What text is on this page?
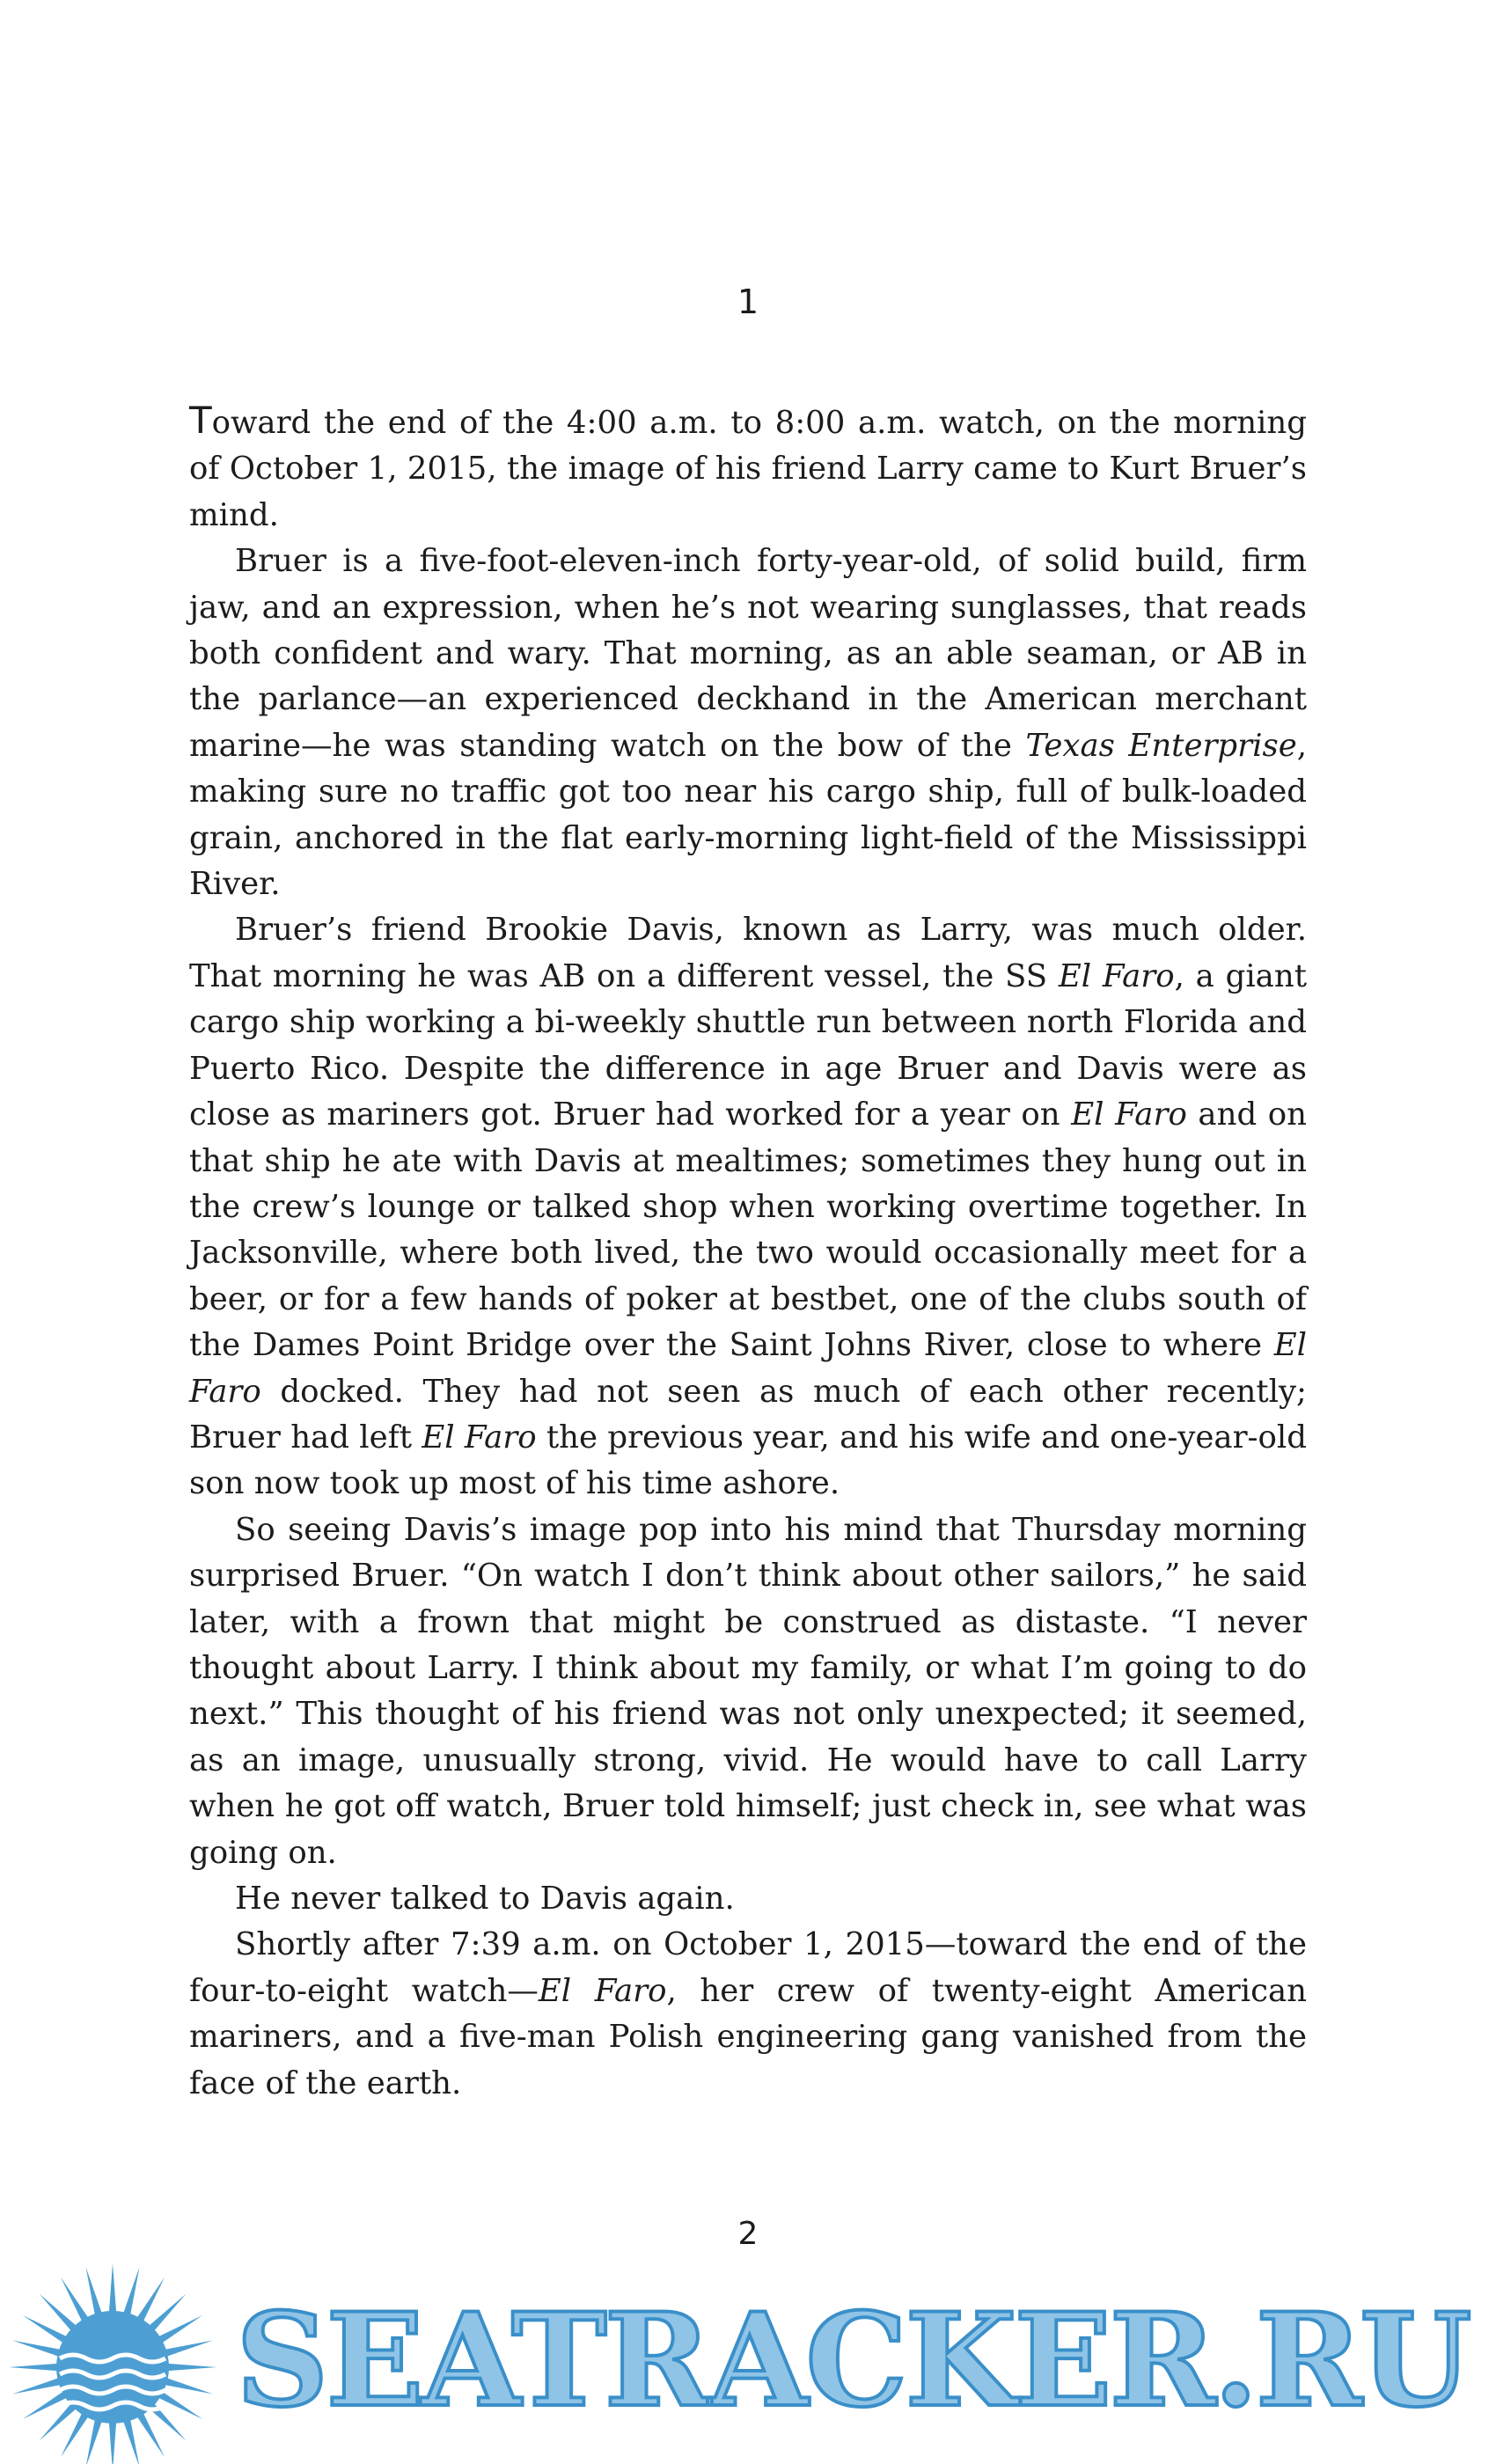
1

Toward the end of the 4:00 a.m. to 8:00 a.m. watch, on the morning of October 1, 2015, the image of his friend Larry came to Kurt Bruer’s mind.

Bruer is a five-foot-eleven-inch forty-year-old, of solid build, firm jaw, and an expression, when he’s not wearing sunglasses, that reads both confident and wary. That morning, as an able seaman, or AB in the parlance—an experienced deckhand in the American merchant marine—he was standing watch on the bow of the Texas Enterprise, making sure no traffic got too near his cargo ship, full of bulk-loaded grain, anchored in the flat early-morning light-field of the Mississippi River.

Bruer’s friend Brookie Davis, known as Larry, was much older. That morning he was AB on a different vessel, the SS El Faro, a giant cargo ship working a bi-weekly shuttle run between north Florida and Puerto Rico. Despite the difference in age Bruer and Davis were as close as mariners got. Bruer had worked for a year on El Faro and on that ship he ate with Davis at mealtimes; sometimes they hung out in the crew’s lounge or talked shop when working overtime together. In Jacksonville, where both lived, the two would occasionally meet for a beer, or for a few hands of poker at bestbet, one of the clubs south of the Dames Point Bridge over the Saint Johns River, close to where El Faro docked. They had not seen as much of each other recently; Bruer had left El Faro the previous year, and his wife and one-year-old son now took up most of his time ashore.

So seeing Davis’s image pop into his mind that Thursday morning surprised Bruer. “On watch I don’t think about other sailors,” he said later, with a frown that might be construed as distaste. “I never thought about Larry. I think about my family, or what I’m going to do next.” This thought of his friend was not only unexpected; it seemed, as an image, unusually strong, vivid. He would have to call Larry when he got off watch, Bruer told himself; just check in, see what was going on.

He never talked to Davis again.

Shortly after 7:39 a.m. on October 1, 2015—toward the end of the four-to-eight watch—El Faro, her crew of twenty-eight American mariners, and a five-man Polish engineering gang vanished from the face of the earth.

2
SEATRACKER.RU
